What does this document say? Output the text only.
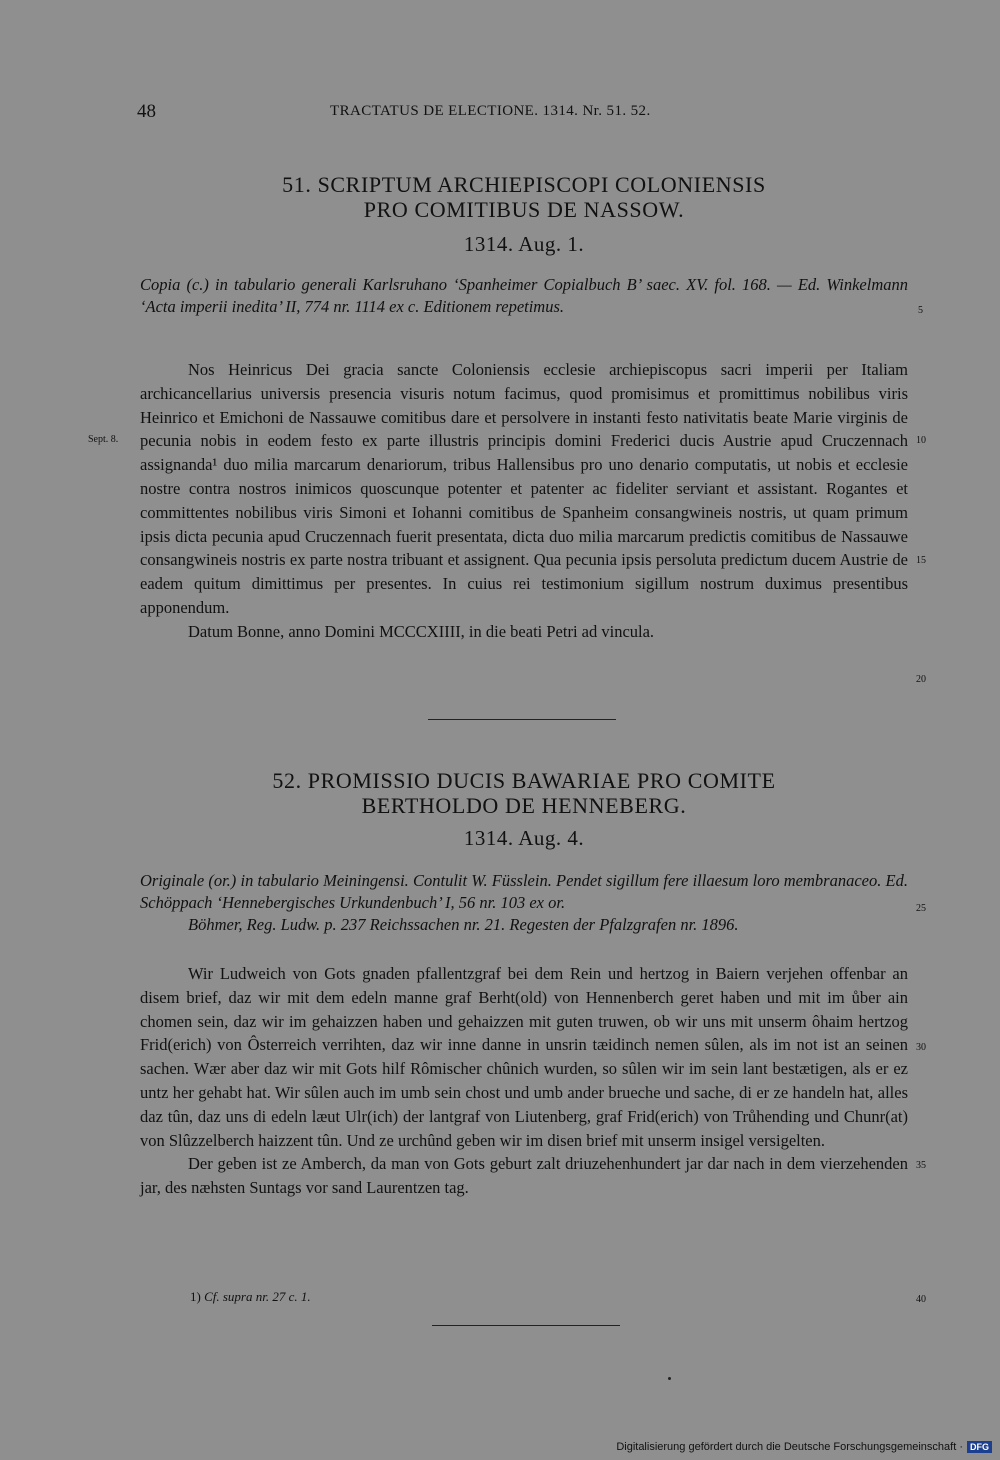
48	TRACTATUS DE ELECTIONE. 1314. Nr. 51. 52.
51. SCRIPTUM ARCHIEPISCOPI COLONIENSIS
PRO COMITIBUS DE NASSOW.
1314. Aug. 1.

Copia (c.) in tabulario generali Karlsruhano ‘Spanheimer Copialbuch B’ saec. XV. fol. 168. — Ed. Winkelmann ‘Acta imperii inedita’ II, 774 nr. 1114 ex c. Editionem repetimus.

Nos Heinricus Dei gracia sancte Coloniensis ecclesie archiepiscopus sacri imperii per Italiam archicancellarius universis presencia visuris notum facimus, quod promisimus et promittimus nobilibus viris Heinrico et Emichoni de Nassauwe comitibus dare et persolvere in instanti festo nativitatis beate Marie virginis de pecunia nobis in eodem festo ex parte illustris principis domini Frederici ducis Austrie apud Cruczennach assignanda¹ duo milia marcarum denariorum, tribus Hallensibus pro uno denario computatis, ut nobis et ecclesie nostre contra nostros inimicos quoscunque potenter et patenter ac fideliter serviant et assistant. Rogantes et committentes nobilibus viris Simoni et Iohanni comitibus de Spanheim consangwineis nostris, ut quam primum ipsis dicta pecunia apud Cruczennach fuerit presentata, dicta duo milia marcarum predictis comitibus de Nassauwe consangwineis nostris ex parte nostra tribuant et assignent. Qua pecunia ipsis persoluta predictum ducem Austrie de eadem quitum dimittimus per presentes. In cuius rei testimonium sigillum nostrum duximus presentibus apponendum.

Datum Bonne, anno Domini MCCCXIIII, in die beati Petri ad vincula.

Sept. 8.
5
10
15
20
52. PROMISSIO DUCIS BAWARIAE PRO COMITE
BERTHOLDO DE HENNEBERG.
1314. Aug. 4.

Originale (or.) in tabulario Meiningensi. Contulit W. Füsslein. Pendet sigillum fere illaesum loro membranaceo. Ed. Schöppach ‘Hennebergisches Urkundenbuch’ I, 56 nr. 103 ex or.

Böhmer, Reg. Ludw. p. 237 Reichssachen nr. 21. Regesten der Pfalzgrafen nr. 1896.

Wir Ludweich von Gots gnaden pfallentzgraf bei dem Rein und hertzog in Baiern verjehen offenbar an disem brief, daz wir mit dem edeln manne graf Berht(old) von Hennenberch geret haben und mit im ůber ain chomen sein, daz wir im gehaizzen haben und gehaizzen mit guten truwen, ob wir uns mit unserm ôhaim hertzog Frid(erich) von Ôsterreich verrihten, daz wir inne danne in unsrin tæidinch nemen sûlen, als im not ist an seinen sachen. Wær aber daz wir mit Gots hilf Rômischer chûnich wurden, so sûlen wir im sein lant bestætigen, als er ez untz her gehabt hat. Wir sûlen auch im umb sein chost und umb ander brueche und sache, di er ze handeln hat, alles daz tûn, daz uns di edeln læut Ulr(ich) der lantgraf von Liutenberg, graf Frid(erich) von Trůhending und Chunr(at) von Slûzzelberch haizzent tûn. Und ze urchûnd geben wir im disen brief mit unserm insigel versigelten.

Der geben ist ze Amberch, da man von Gots geburt zalt driuzehenhundert jar dar nach in dem vierzehenden jar, des næhsten Suntags vor sand Laurentzen tag.

25
30
35
40
1) Cf. supra nr. 27 c. 1.
Digitalisierung gefördert durch die Deutsche Forschungsgemeinschaft · DFG
